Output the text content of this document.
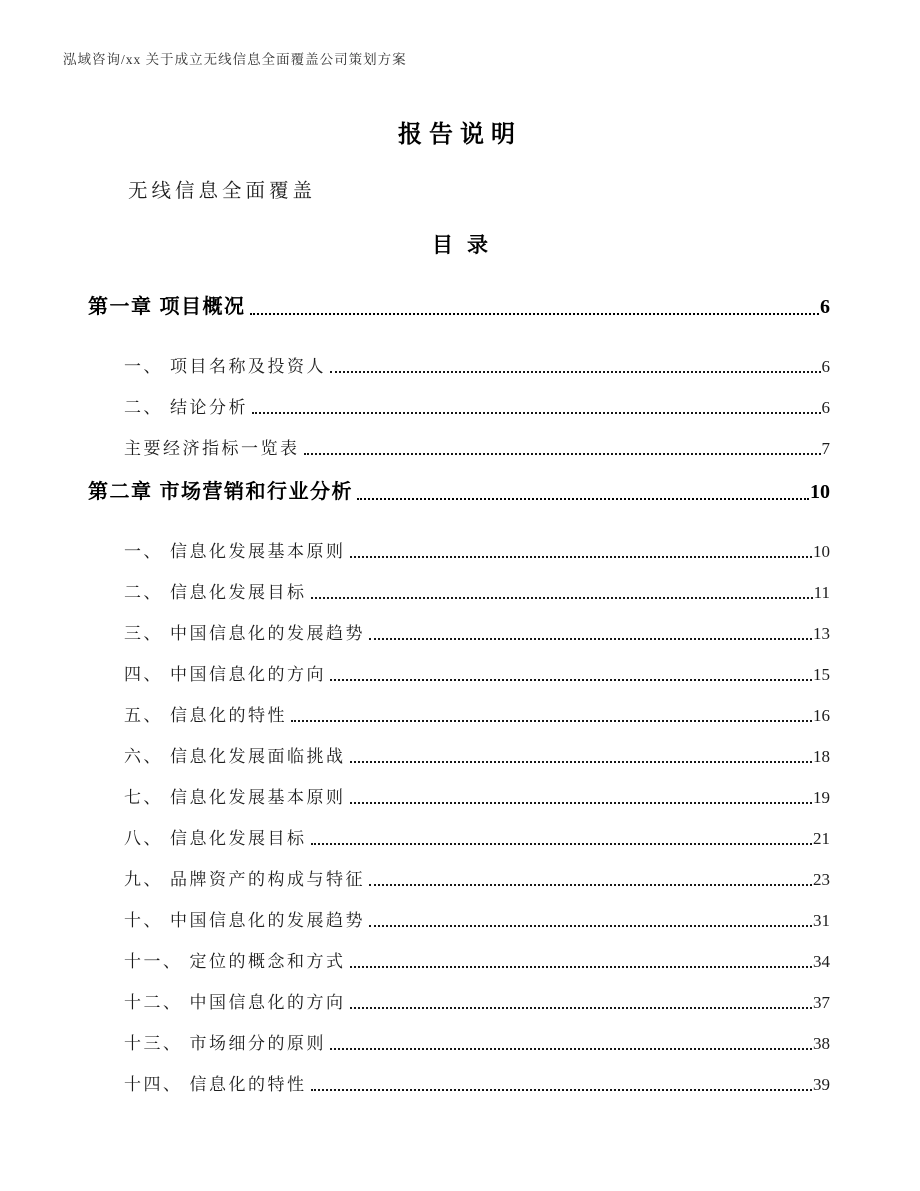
泓域咨询/xx 关于成立无线信息全面覆盖公司策划方案
报告说明

无线信息全面覆盖

目录
第一章 项目概况	6
一、 项目名称及投资人	6
二、 结论分析	6
主要经济指标一览表	7
第二章 市场营销和行业分析	10
一、 信息化发展基本原则	10
二、 信息化发展目标	11
三、 中国信息化的发展趋势	13
四、 中国信息化的方向	15
五、 信息化的特性	16
六、 信息化发展面临挑战	18
七、 信息化发展基本原则	19
八、 信息化发展目标	21
九、 品牌资产的构成与特征	23
十、 中国信息化的发展趋势	31
十一、 定位的概念和方式	34
十二、 中国信息化的方向	37
十三、 市场细分的原则	38
十四、 信息化的特性	39
